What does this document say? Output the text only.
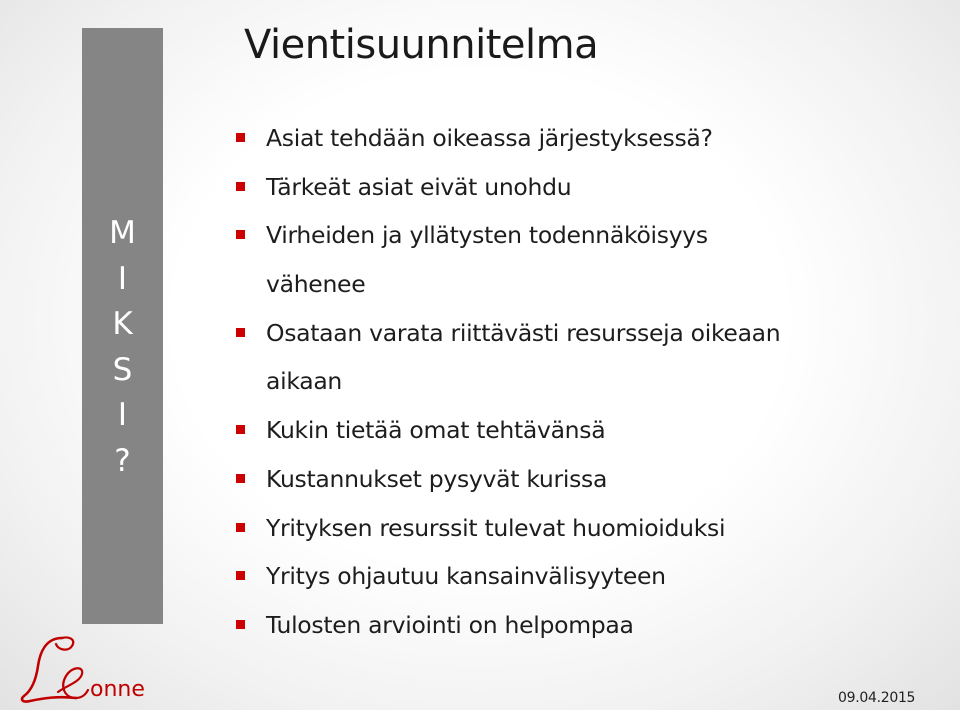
M
I
K
S
I
?
Vientisuunnitelma
Asiat tehdään oikeassa järjestyksessä?
Tärkeät asiat eivät unohdu
Virheiden ja yllätysten todennäköisyys
vähenee
Osataan varata riittävästi resursseja oikeaan
aikaan
Kukin tietää omat tehtävänsä
Kustannukset pysyvät kurissa
Yrityksen resurssit tulevat huomioiduksi
Yritys ohjautuu kansainvälisyyteen
Tulosten arviointi on helpompaa
onne	09.04.2015
